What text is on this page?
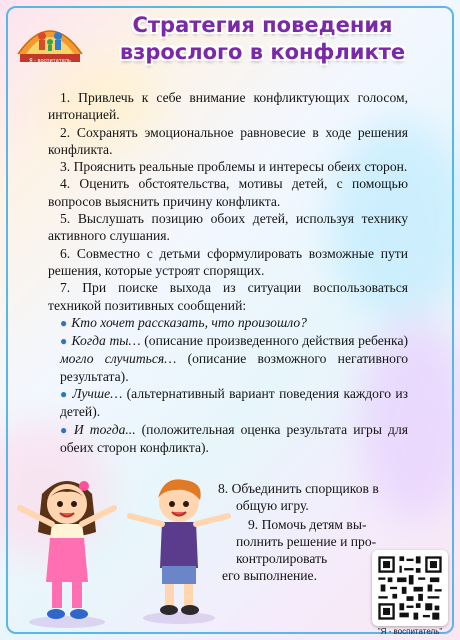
Я - воспитатель
Стратегия поведения
взрослого в конфликте

1. Привлечь к себе внимание конфликтующих голосом, интонацией.

2. Сохранять эмоциональное равновесие в ходе решения конфликта.

3. Прояснить реальные проблемы и интересы обеих сторон.

4. Оценить обстоятельства, мотивы детей, с помощью вопросов выяснить причину конфликта.

5. Выслушать позицию обоих детей, используя технику активного слушания.

6. Совместно с детьми сформулировать возможные пути решения, которые устроят спорящих.

7. При поиске выхода из ситуации воспользоваться техникой позитивных сообщений:

● Кто хочет рассказать, что произошло?
● Когда ты… (описание произведенного действия ребенка) могло случиться… (описание возможного негативного результата).
● Лучше… (альтернативный вариант поведения каждого из детей).
● И тогда... (положительная оценка результата игры для обеих сторон конфликта).
8. Объединить спорщиков в
общую игру.
9. Помочь детям вы-
полнить решение и про-
контролировать
его выполнение.
"Я - воспитатель"
